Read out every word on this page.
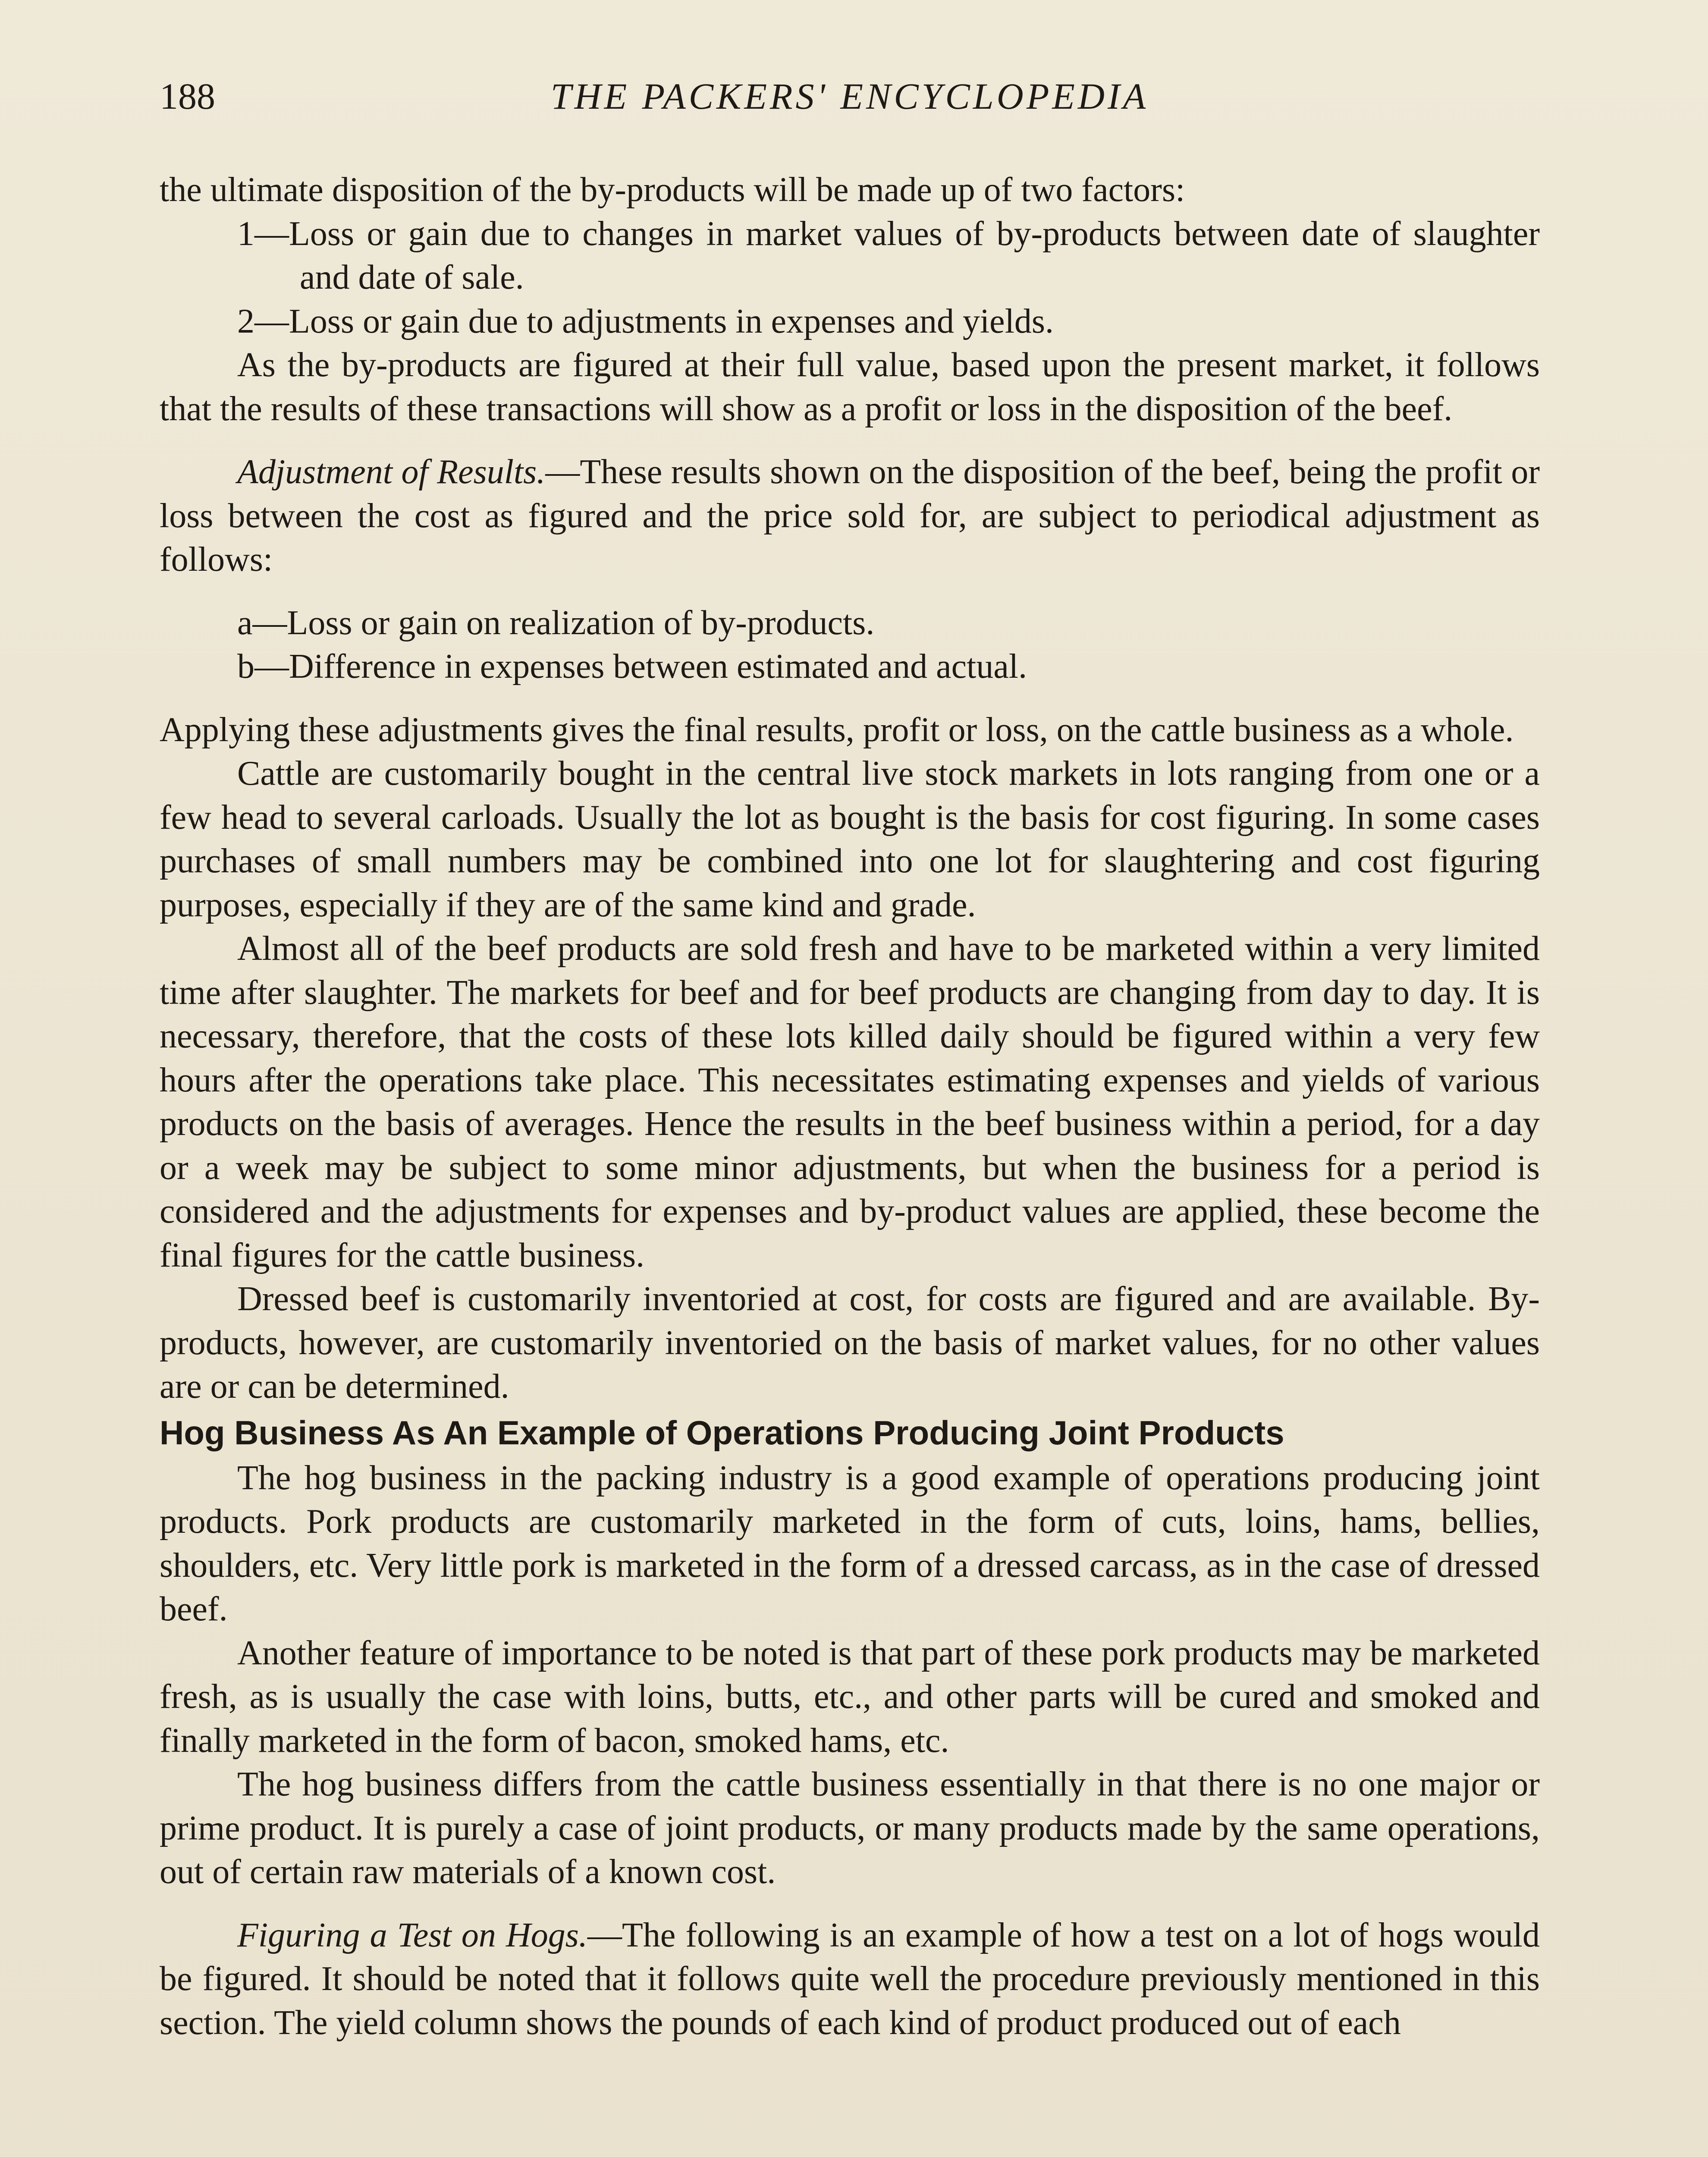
188	THE PACKERS' ENCYCLOPEDIA

the ultimate disposition of the by-products will be made up of two factors:

1—Loss or gain due to changes in market values of by-products between date of slaughter and date of sale.

2—Loss or gain due to adjustments in expenses and yields.

As the by-products are figured at their full value, based upon the present market, it follows that the results of these transactions will show as a profit or loss in the disposition of the beef.

Adjustment of Results.—These results shown on the disposition of the beef, being the profit or loss between the cost as figured and the price sold for, are subject to periodical adjustment as follows:

a—Loss or gain on realization of by-products.

b—Difference in expenses between estimated and actual.

Applying these adjustments gives the final results, profit or loss, on the cattle business as a whole.

Cattle are customarily bought in the central live stock markets in lots ranging from one or a few head to several carloads. Usually the lot as bought is the basis for cost figuring. In some cases purchases of small numbers may be combined into one lot for slaughtering and cost figuring purposes, especially if they are of the same kind and grade.

Almost all of the beef products are sold fresh and have to be marketed within a very limited time after slaughter. The markets for beef and for beef products are changing from day to day. It is necessary, therefore, that the costs of these lots killed daily should be figured within a very few hours after the operations take place. This necessitates estimating expenses and yields of various products on the basis of averages. Hence the results in the beef business within a period, for a day or a week may be subject to some minor adjustments, but when the business for a period is considered and the adjustments for expenses and by-product values are applied, these become the final figures for the cattle business.

Dressed beef is customarily inventoried at cost, for costs are figured and are available. By-products, however, are customarily inventoried on the basis of market values, for no other values are or can be determined.

Hog Business As An Example of Operations Producing Joint Products

The hog business in the packing industry is a good example of operations producing joint products. Pork products are customarily marketed in the form of cuts, loins, hams, bellies, shoulders, etc. Very little pork is marketed in the form of a dressed carcass, as in the case of dressed beef.

Another feature of importance to be noted is that part of these pork products may be marketed fresh, as is usually the case with loins, butts, etc., and other parts will be cured and smoked and finally marketed in the form of bacon, smoked hams, etc.

The hog business differs from the cattle business essentially in that there is no one major or prime product. It is purely a case of joint products, or many products made by the same operations, out of certain raw materials of a known cost.

Figuring a Test on Hogs.—The following is an example of how a test on a lot of hogs would be figured. It should be noted that it follows quite well the procedure previously mentioned in this section. The yield column shows the pounds of each kind of product produced out of each
